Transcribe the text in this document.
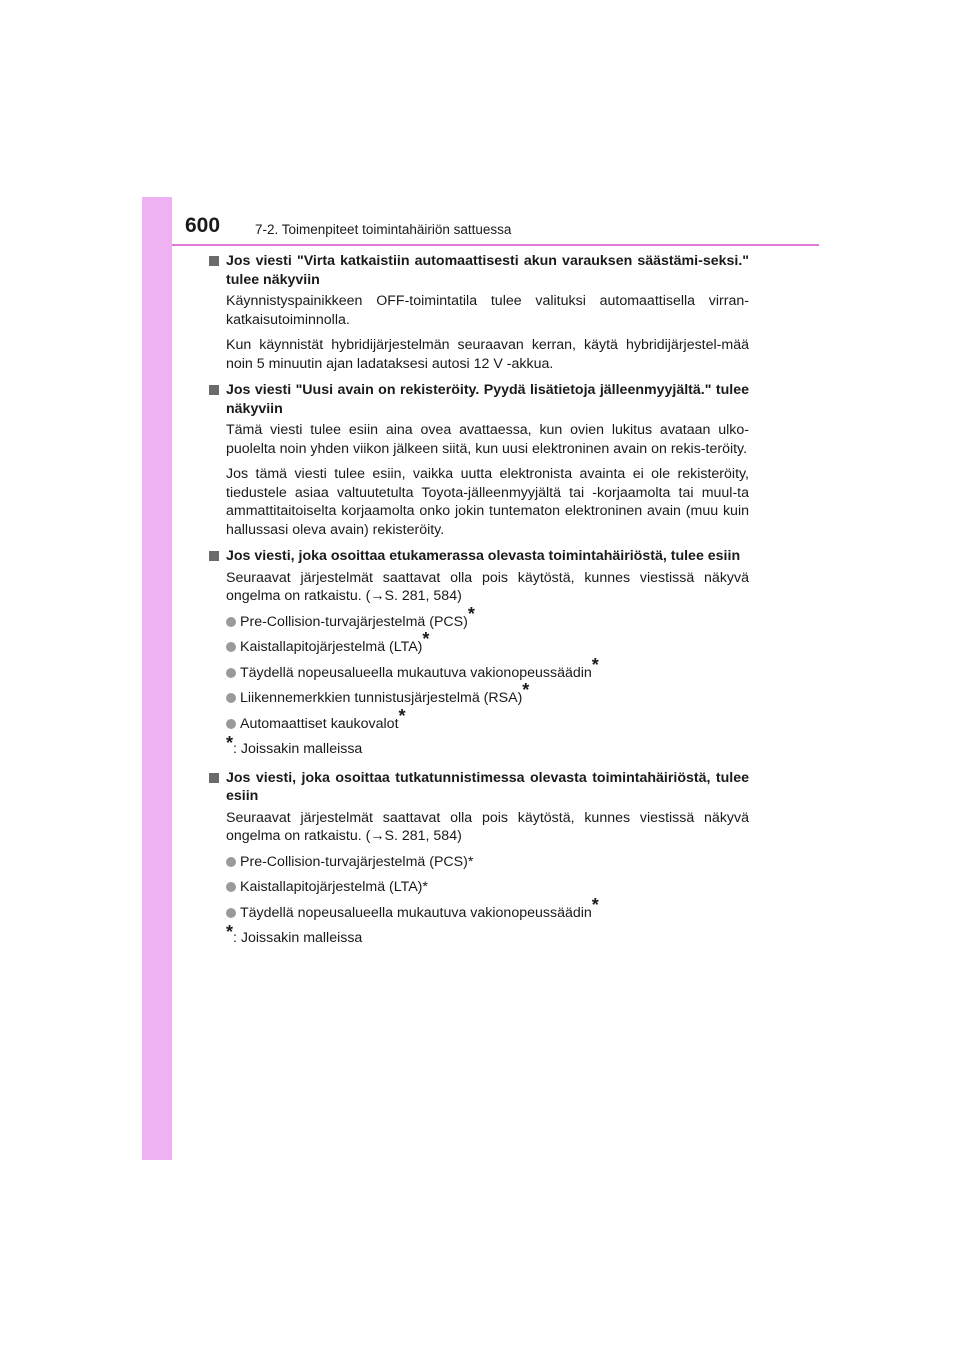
600	7-2. Toimenpiteet toimintahäiriön sattuessa
Jos viesti "Virta katkaistiin automaattisesti akun varauksen säästämi-seksi." tulee näkyviin
Käynnistyspainikkeen OFF-toimintatila tulee valituksi automaattisella virran-katkaisutoiminnolla.
Kun käynnistät hybridijärjestelmän seuraavan kerran, käytä hybridijärjestel-mää noin 5 minuutin ajan ladataksesi autosi 12 V -akkua.
Jos viesti "Uusi avain on rekisteröity. Pyydä lisätietoja jälleenmyyjältä." tulee näkyviin
Tämä viesti tulee esiin aina ovea avattaessa, kun ovien lukitus avataan ulko-puolelta noin yhden viikon jälkeen siitä, kun uusi elektroninen avain on rekis-teröity.
Jos tämä viesti tulee esiin, vaikka uutta elektronista avainta ei ole rekisteröity, tiedustele asiaa valtuutetulta Toyota-jälleenmyyjältä tai -korjaamolta tai muul-ta ammattitaitoiselta korjaamolta onko jokin tuntematon elektroninen avain (muu kuin hallussasi oleva avain) rekisteröity.
Jos viesti, joka osoittaa etukamerassa olevasta toimintahäiriöstä, tulee esiin
Seuraavat järjestelmät saattavat olla pois käytöstä, kunnes viestissä näkyvä ongelma on ratkaistu. (→S. 281, 584)
Pre-Collision-turvajärjestelmä (PCS)*
Kaistallapitojärjestelmä (LTA)*
Täydellä nopeusalueella mukautuva vakionopeussäädin*
Liikennemerkkien tunnistusjärjestelmä (RSA)*
Automaattiset kaukovalot*
*: Joissakin malleissa
Jos viesti, joka osoittaa tutkatunnistimessa olevasta toimintahäiriöstä, tulee esiin
Seuraavat järjestelmät saattavat olla pois käytöstä, kunnes viestissä näkyvä ongelma on ratkaistu. (→S. 281, 584)
Pre-Collision-turvajärjestelmä (PCS)*
Kaistallapitojärjestelmä (LTA)*
Täydellä nopeusalueella mukautuva vakionopeussäädin*
*: Joissakin malleissa
